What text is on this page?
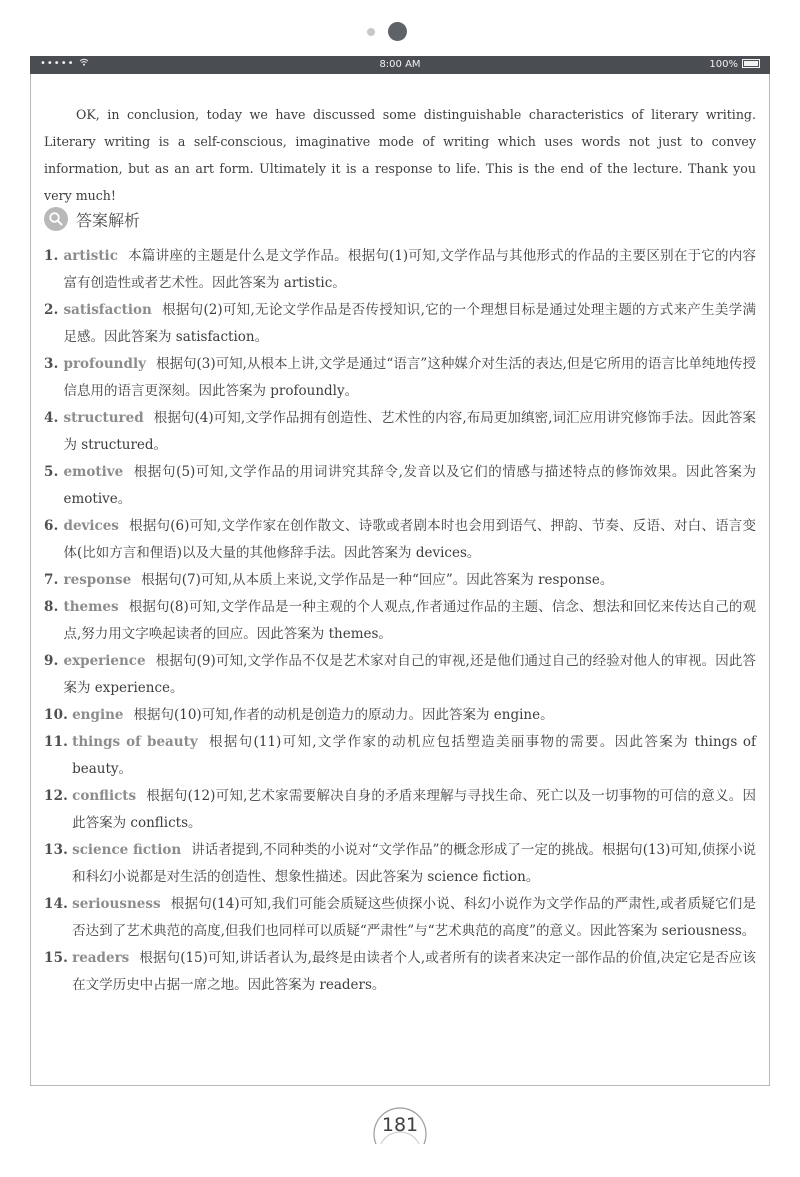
•••••	8:00 AM	100%

OK, in conclusion, today we have discussed some distinguishable characteristics of literary writing. Literary writing is a self-conscious, imaginative mode of writing which uses words not just to convey information, but as an art form. Ultimately it is a response to life. This is the end of the lecture. Thank you very much!

答案解析
1. artistic 本篇讲座的主题是什么是文学作品。根据句(1)可知,文学作品与其他形式的作品的主要区别在于它的内容富有创造性或者艺术性。因此答案为 artistic。
2. satisfaction 根据句(2)可知,无论文学作品是否传授知识,它的一个理想目标是通过处理主题的方式来产生美学满足感。因此答案为 satisfaction。
3. profoundly 根据句(3)可知,从根本上讲,文学是通过“语言”这种媒介对生活的表达,但是它所用的语言比单纯地传授信息用的语言更深刻。因此答案为 profoundly。
4. structured 根据句(4)可知,文学作品拥有创造性、艺术性的内容,布局更加缜密,词汇应用讲究修饰手法。因此答案为 structured。
5. emotive 根据句(5)可知,文学作品的用词讲究其辞令,发音以及它们的情感与描述特点的修饰效果。因此答案为 emotive。
6. devices 根据句(6)可知,文学作家在创作散文、诗歌或者剧本时也会用到语气、押韵、节奏、反语、对白、语言变体(比如方言和俚语)以及大量的其他修辞手法。因此答案为 devices。
7. response 根据句(7)可知,从本质上来说,文学作品是一种“回应”。因此答案为 response。
8. themes 根据句(8)可知,文学作品是一种主观的个人观点,作者通过作品的主题、信念、想法和回忆来传达自己的观点,努力用文字唤起读者的回应。因此答案为 themes。
9. experience 根据句(9)可知,文学作品不仅是艺术家对自己的审视,还是他们通过自己的经验对他人的审视。因此答案为 experience。
10. engine 根据句(10)可知,作者的动机是创造力的原动力。因此答案为 engine。
11. things of beauty 根据句(11)可知,文学作家的动机应包括塑造美丽事物的需要。因此答案为 things of beauty。
12. conflicts 根据句(12)可知,艺术家需要解决自身的矛盾来理解与寻找生命、死亡以及一切事物的可信的意义。因此答案为 conflicts。
13. science fiction 讲话者提到,不同种类的小说对“文学作品”的概念形成了一定的挑战。根据句(13)可知,侦探小说和科幻小说都是对生活的创造性、想象性描述。因此答案为 science fiction。
14. seriousness 根据句(14)可知,我们可能会质疑这些侦探小说、科幻小说作为文学作品的严肃性,或者质疑它们是否达到了艺术典范的高度,但我们也同样可以质疑“严肃性”与“艺术典范的高度”的意义。因此答案为 seriousness。
15. readers 根据句(15)可知,讲话者认为,最终是由读者个人,或者所有的读者来决定一部作品的价值,决定它是否应该在文学历史中占据一席之地。因此答案为 readers。
181
